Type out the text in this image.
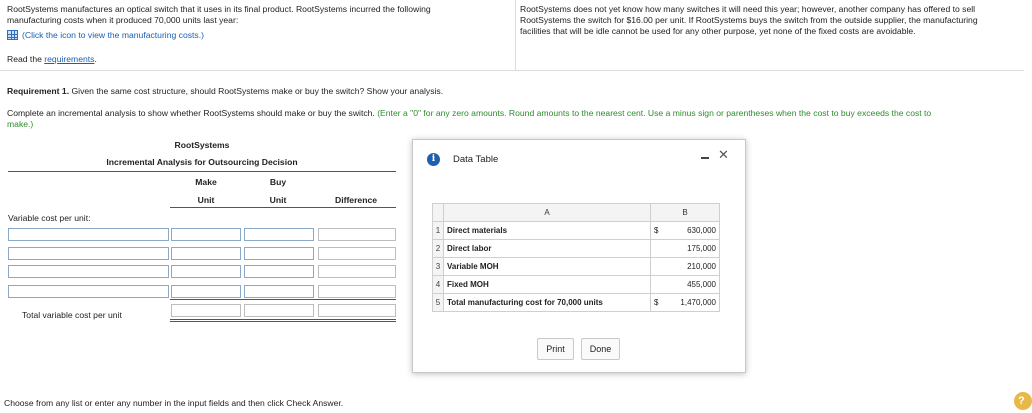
RootSystems manufactures an optical switch that it uses in its final product. RootSystems incurred the following
manufacturing costs when it produced 70,000 units last year:
(Click the icon to view the manufacturing costs.)
Read the requirements.
RootSystems does not yet know how many switches it will need this year; however, another company has offered to sell
RootSystems the switch for $16.00 per unit. If RootSystems buys the switch from the outside supplier, the manufacturing
facilities that will be idle cannot be used for any other purpose, yet none of the fixed costs are avoidable.
Requirement 1. Given the same cost structure, should RootSystems make or buy the switch? Show your analysis.
Complete an incremental analysis to show whether RootSystems should make or buy the switch. (Enter a "0" for any zero amounts. Round amounts to the nearest cent. Use a minus sign or parentheses when the cost to buy exceeds the cost to
make.)
RootSystems
Incremental Analysis for Outsourcing Decision
Make	Buy
Unit	Unit	Difference
Variable cost per unit:
Total variable cost per unit
Choose from any list or enter any number in the input fields and then click Check Answer.	?
i	Data Table	✕
	A	B	
1	Direct materials	$	630,000
2	Direct labor		175,000
3	Variable MOH		210,000
4	Fixed MOH		455,000
5	Total manufacturing cost for 70,000 units	$	1,470,000
Print	Done
